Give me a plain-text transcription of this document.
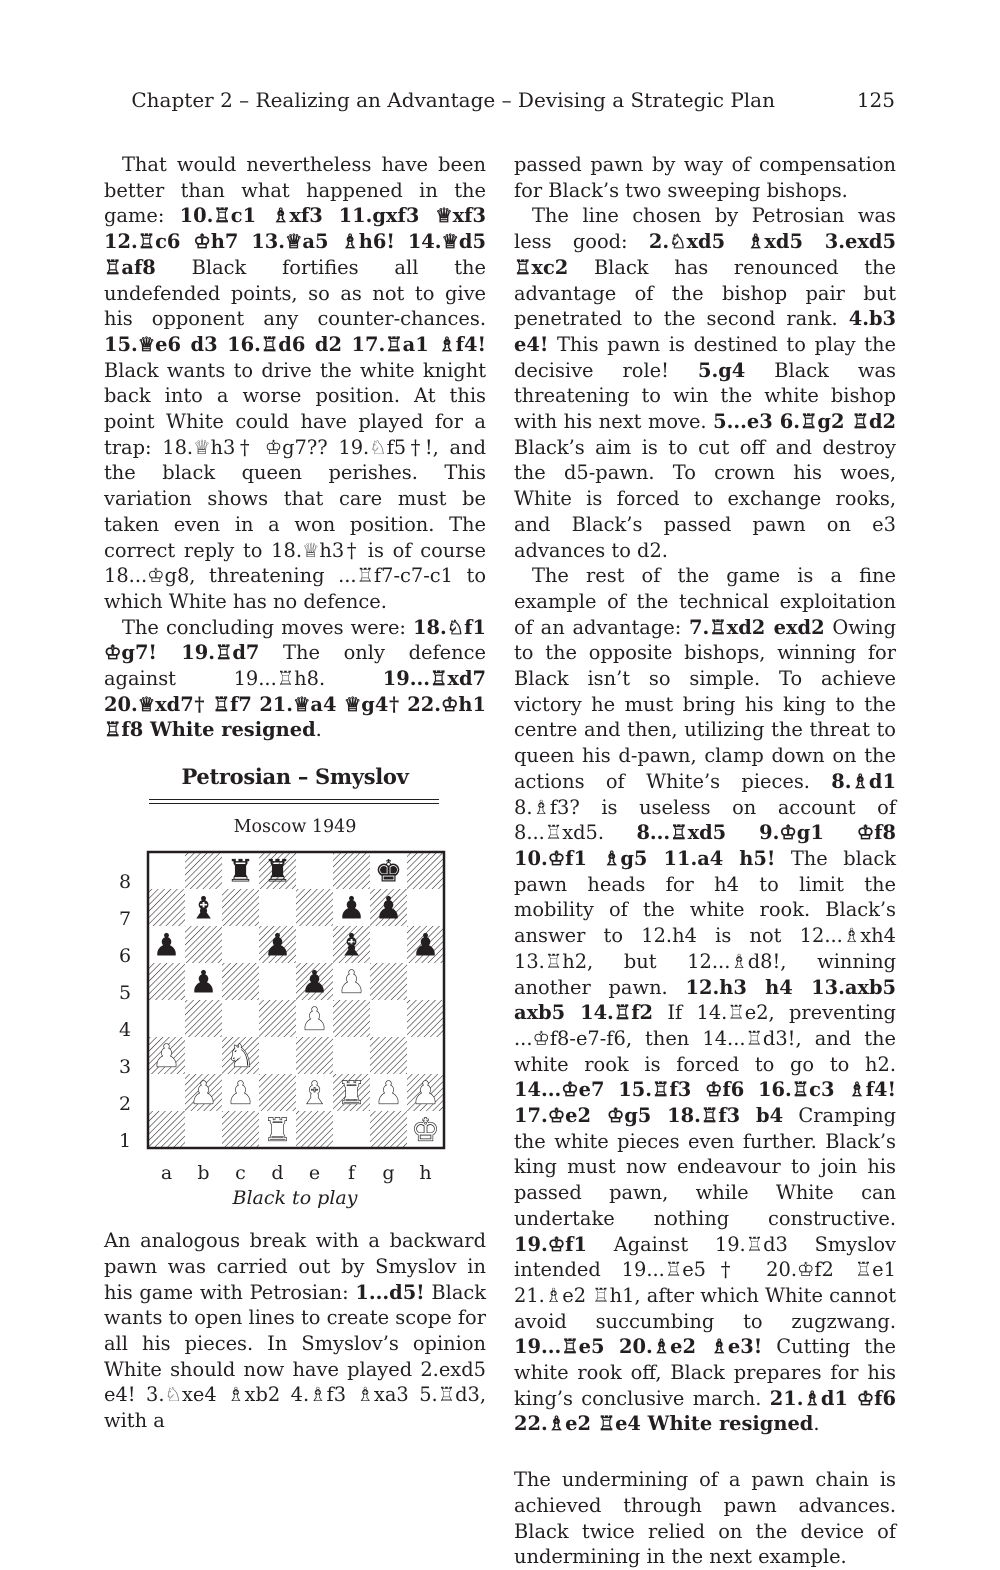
Chapter 2 – Realizing an Advantage – Devising a Strategic Plan	125

That would nevertheless have been better than what happened in the game: 10.♖c1 ♗xf3 11.gxf3 ♕xf3 12.♖c6 ♔h7 13.♕a5 ♗h6! 14.♕d5 ♖af8 Black fortifies all the undefended points, so as not to give his opponent any counter-chances. 15.♕e6 d3 16.♖d6 d2 17.♖a1 ♗f4! Black wants to drive the white knight back into a worse position. At this point White could have played for a trap: 18.♕h3† ♔g7?? 19.♘f5†!, and the black queen perishes. This variation shows that care must be taken even in a won position. The correct reply to 18.♕h3† is of course 18...♔g8, threatening ...♖f7-c7-c1 to which White has no defence.

The concluding moves were: 18.♘f1 ♔g7! 19.♖d7 The only defence against 19...♖h8.	19...♖xd7 20.♕xd7† ♖f7 21.♕a4 ♕g4† 22.♔h1 ♖f8 White resigned.

Petrosian – Smyslov
Moscow 1949
8
7
6
5
4
3
2
1
♜ ♜	♚
♝	♟ ♟
♟	♟ ♝ ♟
♟	♟ ♟
♟
♟ ♞
♟ ♟ ♝ ♜ ♟ ♟
♜	♚
a	b	c	d	e	f	g	h
Black to play

An analogous break with a backward pawn was carried out by Smyslov in his game with Petrosian: 1...d5! Black wants to open lines to create scope for all his pieces. In Smyslov’s opinion White should now have played 2.exd5 e4! 3.♘xe4 ♗xb2 4.♗f3 ♗xa3 5.♖d3, with a

passed pawn by way of compensation for Black’s two sweeping bishops.

The line chosen by Petrosian was less good: 2.♘xd5 ♗xd5 3.exd5 ♖xc2 Black has renounced the advantage of the bishop pair but penetrated to the second rank. 4.b3 e4! This pawn is destined to play the decisive role! 5.g4 Black was threatening to win the white bishop with his next move. 5...e3 6.♖g2 ♖d2 Black’s aim is to cut off and destroy the d5-pawn. To crown his woes, White is forced to exchange rooks, and Black’s passed pawn on e3 advances to d2.

The rest of the game is a fine example of the technical exploitation of an advantage: 7.♖xd2 exd2 Owing to the opposite bishops, winning for Black isn’t so simple. To achieve victory he must bring his king to the centre and then, utilizing the threat to queen his d-pawn, clamp down on the actions of White’s pieces. 8.♗d1 8.♗f3? is useless on account of 8...♖xd5. 8...♖xd5 9.♔g1 ♔f8 10.♔f1 ♗g5 11.a4 h5! The black pawn heads for h4 to limit the mobility of the white rook. Black’s answer to 12.h4 is not 12...♗xh4 13.♖h2, but 12...♗d8!, winning another pawn. 12.h3 h4 13.axb5 axb5 14.♖f2 If 14.♖e2, preventing ...♔f8-e7-f6, then 14...♖d3!, and the white rook is forced to go to h2. 14...♔e7 15.♖f3 ♔f6 16.♖c3 ♗f4! 17.♔e2 ♔g5 18.♖f3 b4 Cramping the white pieces even further. Black’s king must now endeavour to join his passed pawn, while White can undertake nothing constructive. 19.♔f1 Against 19.♖d3 Smyslov intended 19...♖e5† 20.♔f2 ♖e1 21.♗e2 ♖h1, after which White cannot avoid succumbing to zugzwang. 19...♖e5 20.♗e2 ♗e3! Cutting the white rook off, Black prepares for his king’s conclusive march. 21.♗d1 ♔f6 22.♗e2 ♖e4 White resigned.

The undermining of a pawn chain is achieved through pawn advances. Black twice relied on the device of undermining in the next example.
